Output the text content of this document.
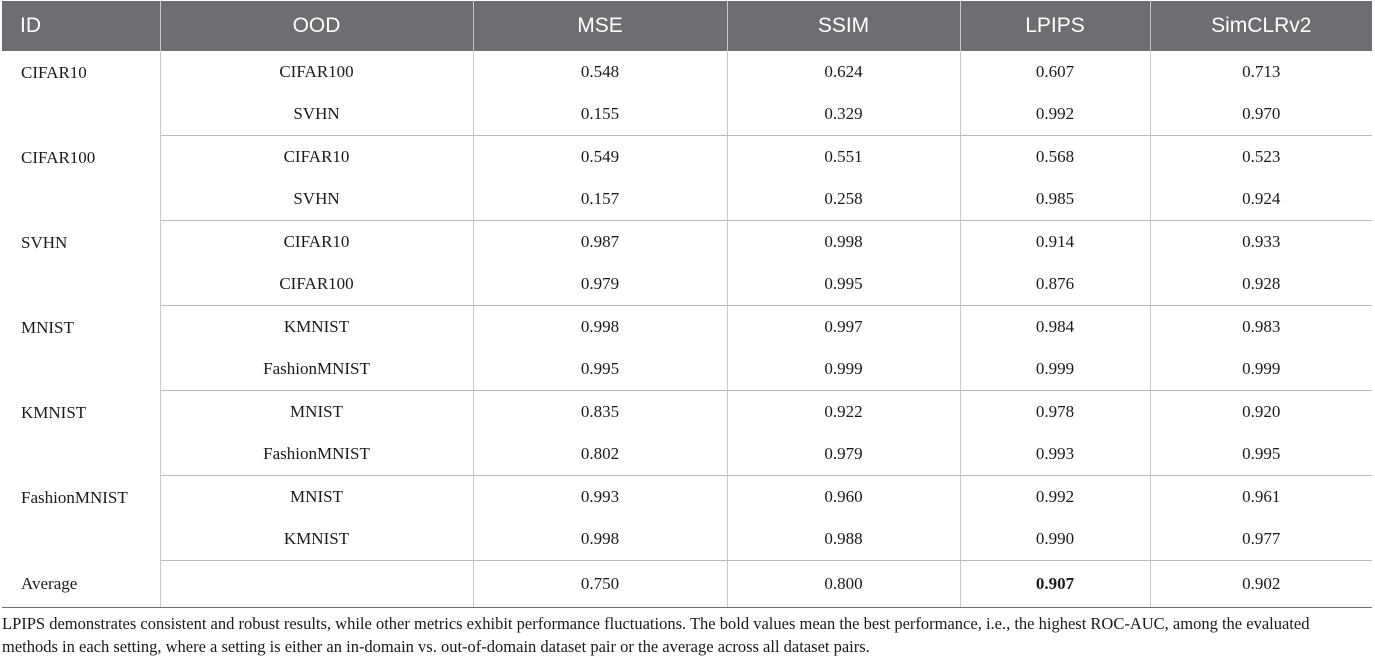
ID	OOD	MSE	SSIM	LPIPS	SimCLRv2
CIFAR10	CIFAR100	0.548	0.624	0.607	0.713
	SVHN	0.155	0.329	0.992	0.970
CIFAR100	CIFAR10	0.549	0.551	0.568	0.523
	SVHN	0.157	0.258	0.985	0.924
SVHN	CIFAR10	0.987	0.998	0.914	0.933
	CIFAR100	0.979	0.995	0.876	0.928
MNIST	KMNIST	0.998	0.997	0.984	0.983
	FashionMNIST	0.995	0.999	0.999	0.999
KMNIST	MNIST	0.835	0.922	0.978	0.920
	FashionMNIST	0.802	0.979	0.993	0.995
FashionMNIST	MNIST	0.993	0.960	0.992	0.961
	KMNIST	0.998	0.988	0.990	0.977
Average		0.750	0.800	0.907	0.902
LPIPS demonstrates consistent and robust results, while other metrics exhibit performance fluctuations. The bold values mean the best performance, i.e., the highest ROC-AUC, among the evaluated methods in each setting, where a setting is either an in-domain vs. out-of-domain dataset pair or the average across all dataset pairs.
